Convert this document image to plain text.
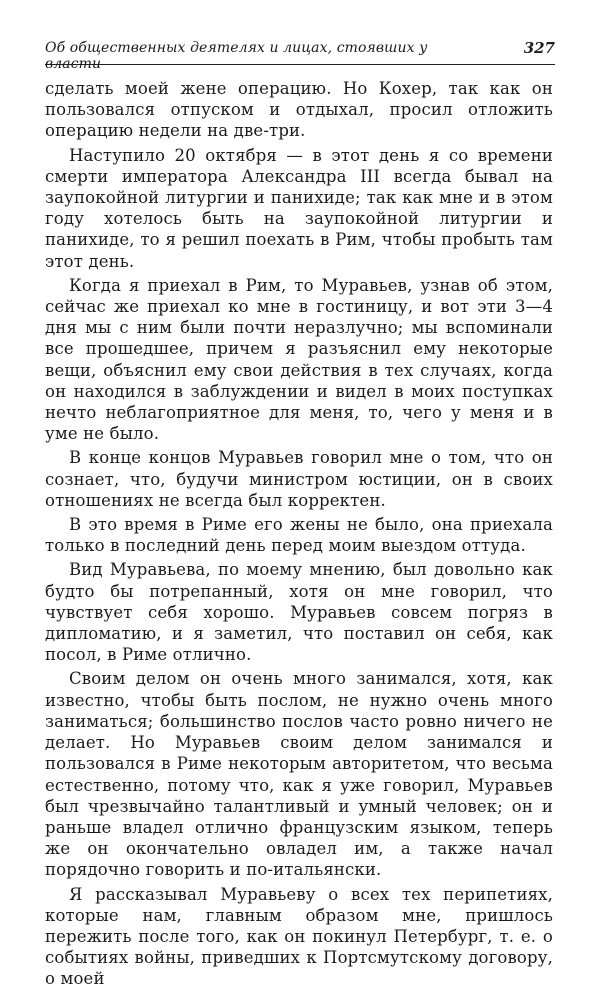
Об общественных деятелях и лицах, стоявших у власти
327

сделать моей жене операцию. Но Кохер, так как он пользовался отпуском и отдыхал, просил отложить операцию недели на две-три.

Наступило 20 октября — в этот день я со времени смерти императора Александра III всегда бывал на заупокойной литургии и панихиде; так как мне и в этом году хотелось быть на заупокойной литургии и панихиде, то я решил поехать в Рим, чтобы пробыть там этот день.

Когда я приехал в Рим, то Муравьев, узнав об этом, сейчас же приехал ко мне в гостиницу, и вот эти 3—4 дня мы с ним были почти неразлучно; мы вспоминали все прошедшее, причем я разъяснил ему некоторые вещи, объяснил ему свои действия в тех случаях, когда он находился в заблуждении и видел в моих поступках нечто неблагоприятное для меня, то, чего у меня и в уме не было.

В конце концов Муравьев говорил мне о том, что он сознает, что, будучи министром юстиции, он в своих отношениях не всегда был корректен.

В это время в Риме его жены не было, она приехала только в последний день перед моим выездом оттуда.

Вид Муравьева, по моему мнению, был довольно как будто бы потрепанный, хотя он мне говорил, что чувствует себя хорошо. Муравьев совсем погряз в дипломатию, и я заметил, что поставил он себя, как посол, в Риме отлично.

Своим делом он очень много занимался, хотя, как известно, чтобы быть послом, не нужно очень много заниматься; большинство послов часто ровно ничего не делает. Но Муравьев своим делом занимался и пользовался в Риме некоторым авторитетом, что весьма естественно, потому что, как я уже говорил, Муравьев был чрезвычайно талантливый и умный человек; он и раньше владел отлично французским языком, теперь же он окончательно овладел им, а также начал порядочно говорить и по-итальянски.

Я рассказывал Муравьеву о всех тех перипетиях, которые нам, главным образом мне, пришлось пережить после того, как он покинул Петербург, т. е. о событиях войны, приведших к Портсмутскому договору, о моей
